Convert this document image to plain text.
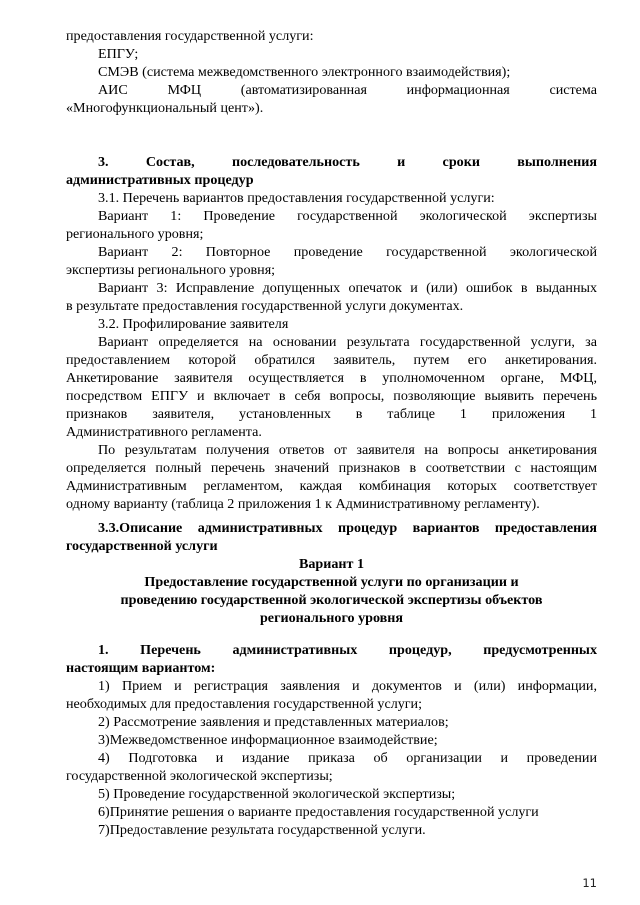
предоставления государственной услуги:
ЕПГУ;
СМЭВ (система межведомственного электронного взаимодействия);
АИС МФЦ (автоматизированная информационная система
«Многофункциональный цент»).
3. Состав, последовательность и сроки выполнения
административных процедур
3.1. Перечень вариантов предоставления государственной услуги:
Вариант 1: Проведение государственной экологической экспертизы
регионального уровня;
Вариант 2: Повторное проведение государственной экологической
экспертизы регионального уровня;
Вариант 3: Исправление допущенных опечаток и (или) ошибок в выданных
в результате предоставления государственной услуги документах.
3.2. Профилирование заявителя
Вариант определяется на основании результата государственной услуги, за
предоставлением которой обратился заявитель, путем его анкетирования.
Анкетирование заявителя осуществляется в уполномоченном органе, МФЦ,
посредством ЕПГУ и включает в себя вопросы, позволяющие выявить перечень
признаков заявителя, установленных в таблице 1 приложения 1
Административного регламента.
По результатам получения ответов от заявителя на вопросы анкетирования
определяется полный перечень значений признаков в соответствии с настоящим
Административным регламентом, каждая комбинация которых соответствует
одному варианту (таблица 2 приложения 1 к Административному регламенту).
3.3.Описание административных процедур вариантов предоставления
государственной услуги
Вариант 1
Предоставление государственной услуги по организации и
проведению государственной экологической экспертизы объектов
регионального уровня
1. Перечень административных процедур, предусмотренных
настоящим вариантом:
1) Прием и регистрация заявления и документов и (или) информации,
необходимых для предоставления государственной услуги;
2) Рассмотрение заявления и представленных материалов;
3)Межведомственное информационное взаимодействие;
4) Подготовка и издание приказа об организации и проведении
государственной экологической экспертизы;
5) Проведение государственной экологической экспертизы;
6)Принятие решения о варианте предоставления государственной услуги
7)Предоставление результата государственной услуги.
11
